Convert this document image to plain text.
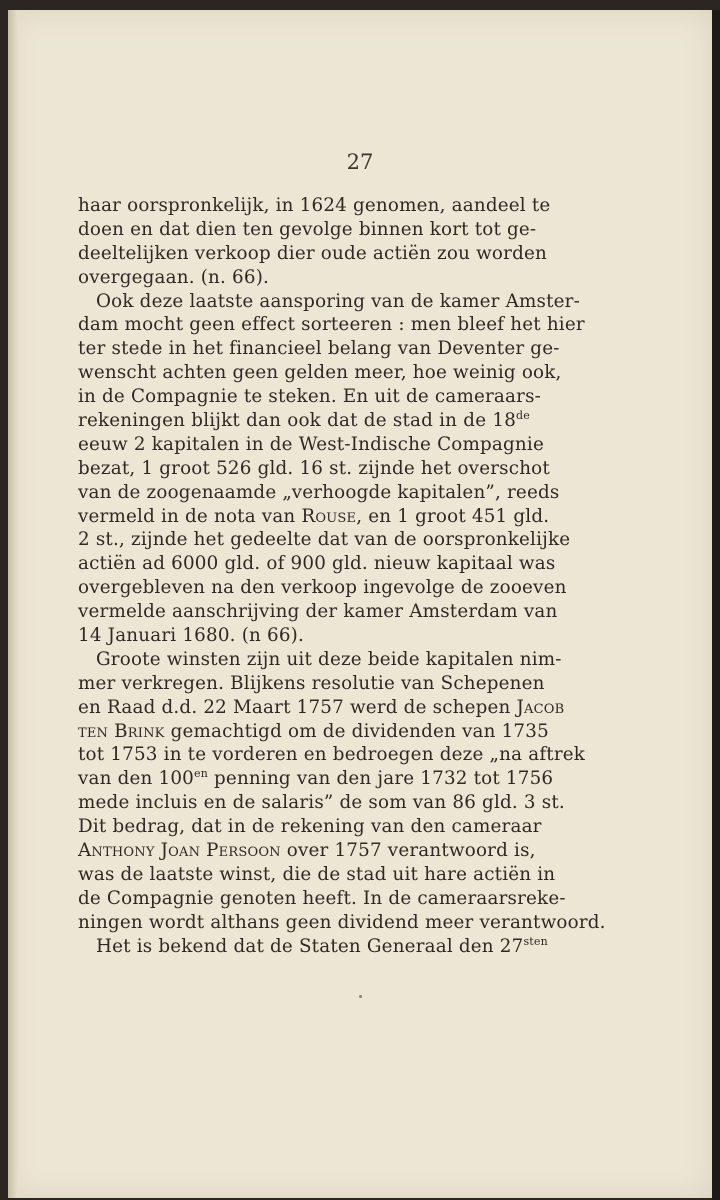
27
haar oorspronkelijk, in 1624 genomen, aandeel te
doen en dat dien ten gevolge binnen kort tot ge-
deeltelijken verkoop dier oude actiën zou worden
overgegaan. (n. 66).
Ook deze laatste aansporing van de kamer Amster-
dam mocht geen effect sorteeren : men bleef het hier
ter stede in het financieel belang van Deventer ge-
wenscht achten geen gelden meer, hoe weinig ook,
in de Compagnie te steken. En uit de cameraars-
rekeningen blijkt dan ook dat de stad in de 18de
eeuw 2 kapitalen in de West-Indische Compagnie
bezat, 1 groot 526 gld. 16 st. zijnde het overschot
van de zoogenaamde „verhoogde kapitalen”, reeds
vermeld in de nota van Rouse, en 1 groot 451 gld.
2 st., zijnde het gedeelte dat van de oorspronkelijke
actiën ad 6000 gld. of 900 gld. nieuw kapitaal was
overgebleven na den verkoop ingevolge de zooeven
vermelde aanschrijving der kamer Amsterdam van
14 Januari 1680. (n 66).
Groote winsten zijn uit deze beide kapitalen nim-
mer verkregen. Blijkens resolutie van Schepenen
en Raad d.d. 22 Maart 1757 werd de schepen Jacob
ten Brink gemachtigd om de dividenden van 1735
tot 1753 in te vorderen en bedroegen deze „na aftrek
van den $100^{en}$ penning van den jare 1732 tot 1756
mede incluis en de salaris” de som van 86 gld. 3 st.
Dit bedrag, dat in de rekening van den cameraar
Anthony Joan Persoon over 1757 verantwoord is,
was de laatste winst, die de stad uit hare actiën in
de Compagnie genoten heeft. In de cameraarsreke-
ningen wordt althans geen dividend meer verantwoord.
Het is bekend dat de Staten Generaal den $27^{sten}$
